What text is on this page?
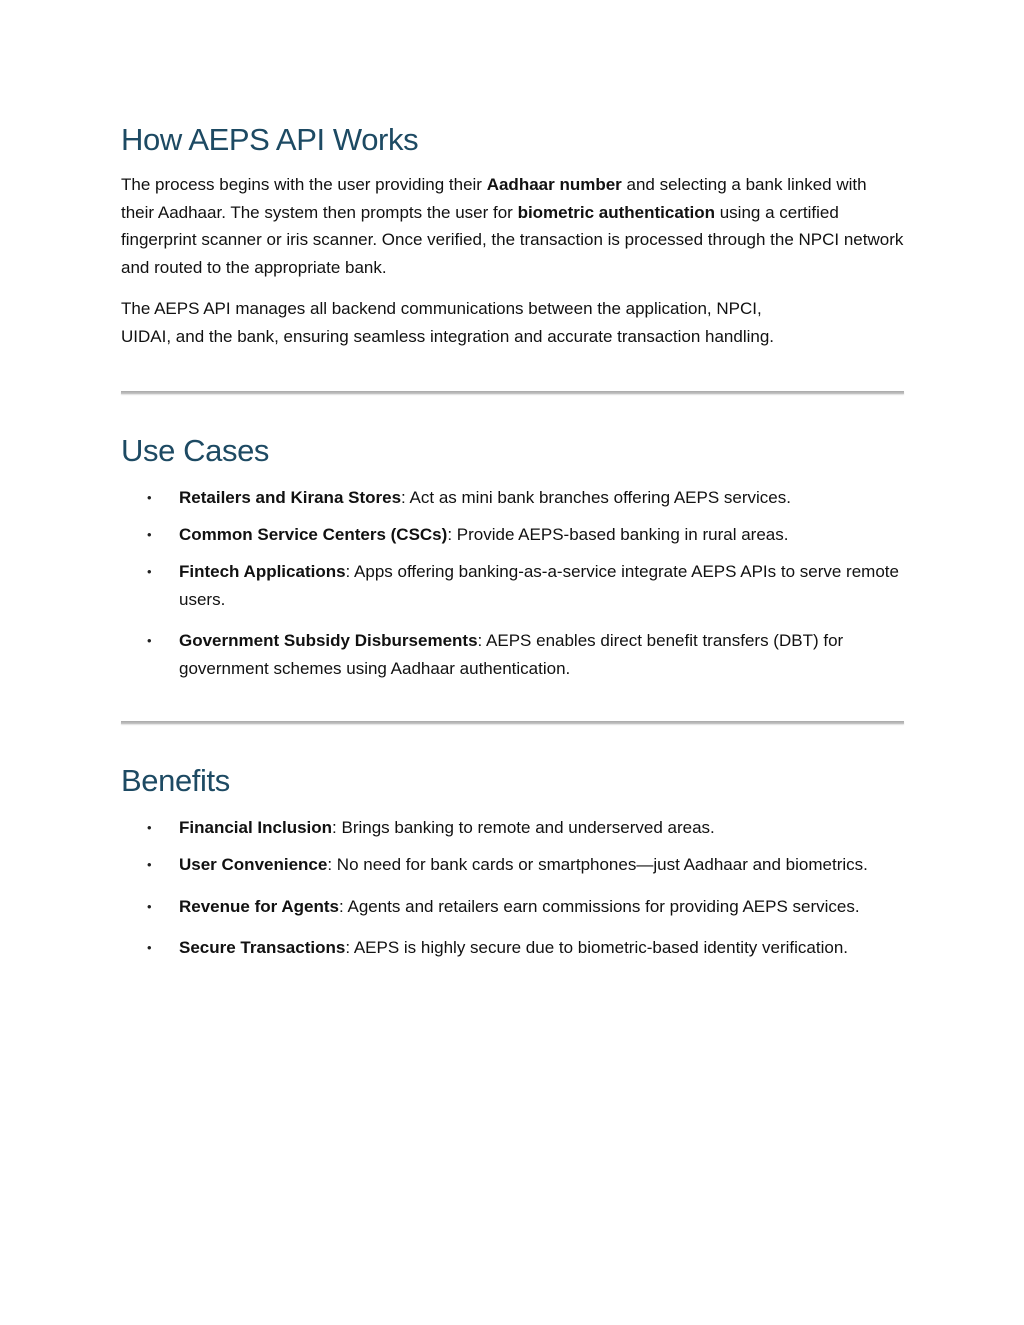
How AEPS API Works

The process begins with the user providing their Aadhaar number and selecting a bank linked with their Aadhaar. The system then prompts the user for biometric authentication using a certified fingerprint scanner or iris scanner. Once verified, the transaction is processed through the NPCI network and routed to the appropriate bank.

The AEPS API manages all backend communications between the application, NPCI,
UIDAI, and the bank, ensuring seamless integration and accurate transaction handling.

Use Cases
• Retailers and Kirana Stores: Act as mini bank branches offering AEPS services.
• Common Service Centers (CSCs): Provide AEPS-based banking in rural areas.
• Fintech Applications: Apps offering banking-as-a-service integrate AEPS APIs to serve remote users.
• Government Subsidy Disbursements: AEPS enables direct benefit transfers (DBT) for government schemes using Aadhaar authentication.
Benefits
• Financial Inclusion: Brings banking to remote and underserved areas.
• User Convenience: No need for bank cards or smartphones—just Aadhaar and biometrics.
• Revenue for Agents: Agents and retailers earn commissions for providing AEPS services.
• Secure Transactions: AEPS is highly secure due to biometric-based identity verification.
